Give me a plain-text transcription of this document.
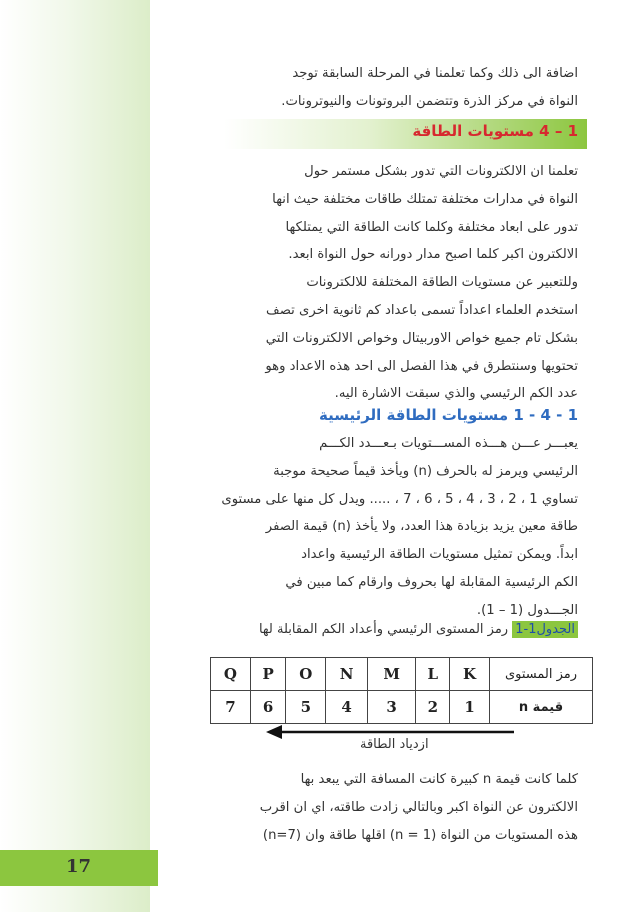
17

اضافة الى ذلك وكما تعلمنا في المرحلة السابقة توجد

النواة في مركز الذرة وتتضمن البروتونات والنيوترونات.

1 – 4 مستويات الطاقة

تعلمنا ان الالكترونات التي تدور بشكل مستمر حول

النواة في مدارات مختلفة تمتلك طاقات مختلفة حيث انها

تدور على ابعاد مختلفة وكلما كانت الطاقة التي يمتلكها

الالكترون اكبر كلما اصبح مدار دورانه حول النواة ابعد.

وللتعبير عن مستويات الطاقة المختلفة للالكترونات

استخدم العلماء اعداداً تسمى باعداد كم ثانوية اخرى تصف

بشكل تام جميع خواص الاوربيتال وخواص الالكترونات التي

تحتويها وسنتطرق في هذا الفصل الى احد هذه الاعداد وهو

عدد الكم الرئيسي والذي سبقت الاشارة اليه.

1 - 4 - 1 مستويات الطاقة الرئيسية

يعبـــر عـــن هـــذه المســـتويات بـعـــدد الكـــم

الرئيسي ويرمز له بالحرف (n) ويأخذ قيماً صحيحة موجبة

تساوي 1 ، 2 ، 3 ، 4 ، 5 ، 6 ، 7 ، ..... ويدل كل منها على مستوى

طاقة معين يزيد بزيادة هذا العدد، ولا يأخذ (n) قيمة الصفر

ابداً. ويمكن تمثيل مستويات الطاقة الرئيسية واعداد

الكم الرئيسية المقابلة لها بحروف وارقام كما مبين في

الجـــدول (1 – 1).

الجدول1-1 رمز المستوى الرئيسي وأعداد الكم المقابلة لها
Q	P	O	N	M	L	K	رمز المستوى
7	6	5	4	3	2	1	قيمة n
ازدياد الطاقة

كلما كانت قيمة n كبيرة كانت المسافة التي يبعد بها

الالكترون عن النواة اكبر وبالتالي زادت طاقته، اي ان اقرب

هذه المستويات من النواة (n = 1) اقلها طاقة وان (n=7)
